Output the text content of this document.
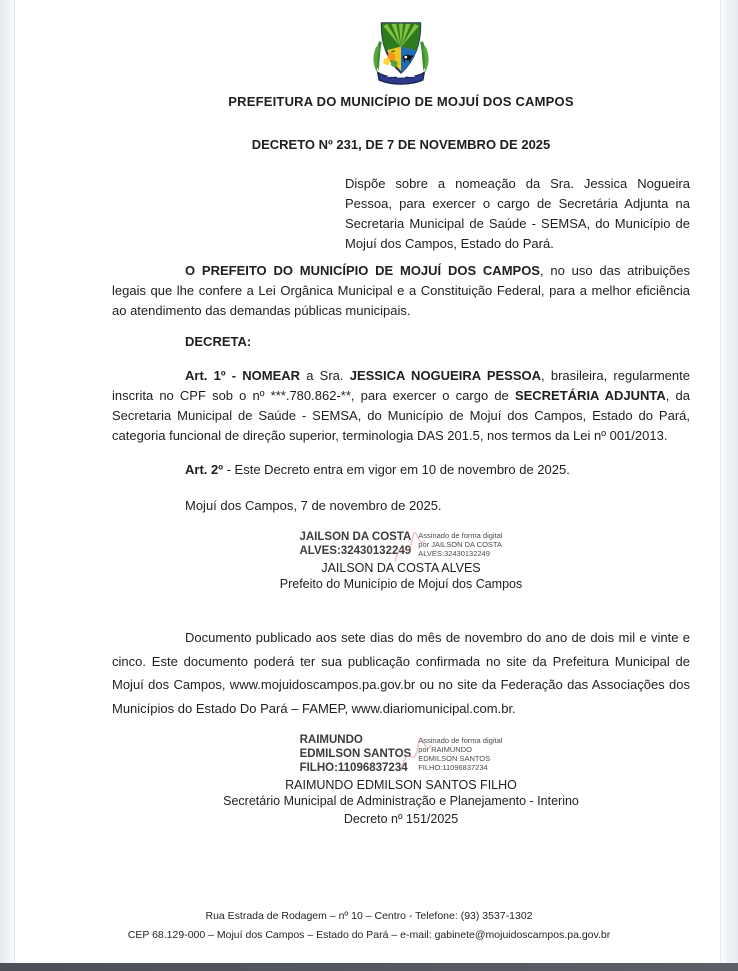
PREFEITURA DO MUNICÍPIO DE MOJUÍ DOS CAMPOS
DECRETO Nº 231, DE 7 DE NOVEMBRO DE 2025
Dispõe sobre a nomeação da Sra. Jessica Nogueira Pessoa, para exercer o cargo de Secretária Adjunta na Secretaria Municipal de Saúde - SEMSA, do Município de Mojuí dos Campos, Estado do Pará.

O PREFEITO DO MUNICÍPIO DE MOJUÍ DOS CAMPOS, no uso das atribuições legais que lhe confere a Lei Orgânica Municipal e a Constituição Federal, para a melhor eficiência ao atendimento das demandas públicas municipais.

DECRETA:

Art. 1º - NOMEAR a Sra. JESSICA NOGUEIRA PESSOA, brasileira, regularmente inscrita no CPF sob o nº ***.780.862-**, para exercer o cargo de SECRETÁRIA ADJUNTA, da Secretaria Municipal de Saúde - SEMSA, do Município de Mojuí dos Campos, Estado do Pará, categoria funcional de direção superior, terminologia DAS 201.5, nos termos da Lei nº 001/2013.

Art. 2º - Este Decreto entra em vigor em 10 de novembro de 2025.

Mojuí dos Campos, 7 de novembro de 2025.
JAILSON DA COSTA
ALVES:32430132249
Assinado de forma digital
por JAILSON DA COSTA
ALVES:32430132249
JAILSON DA COSTA ALVES
Prefeito do Município de Mojuí dos Campos

Documento publicado aos sete dias do mês de novembro do ano de dois mil e vinte e cinco. Este documento poderá ter sua publicação confirmada no site da Prefeitura Municipal de Mojuí dos Campos, www.mojuidoscampos.pa.gov.br ou no site da Federação das Associações dos Municípios do Estado Do Pará – FAMEP, www.diariomunicipal.com.br.

RAIMUNDO
EDMILSON SANTOS
FILHO:11096837234
Assinado de forma digital
por RAIMUNDO
EDMILSON SANTOS
FILHO:11096837234
RAIMUNDO EDMILSON SANTOS FILHO
Secretário Municipal de Administração e Planejamento - Interino
Decreto nº 151/2025
Rua Estrada de Rodagem – nº 10 – Centro - Telefone: (93) 3537-1302
CEP 68.129-000 – Mojuí dos Campos – Estado do Pará – e-mail: gabinete@mojuidoscampos.pa.gov.br
